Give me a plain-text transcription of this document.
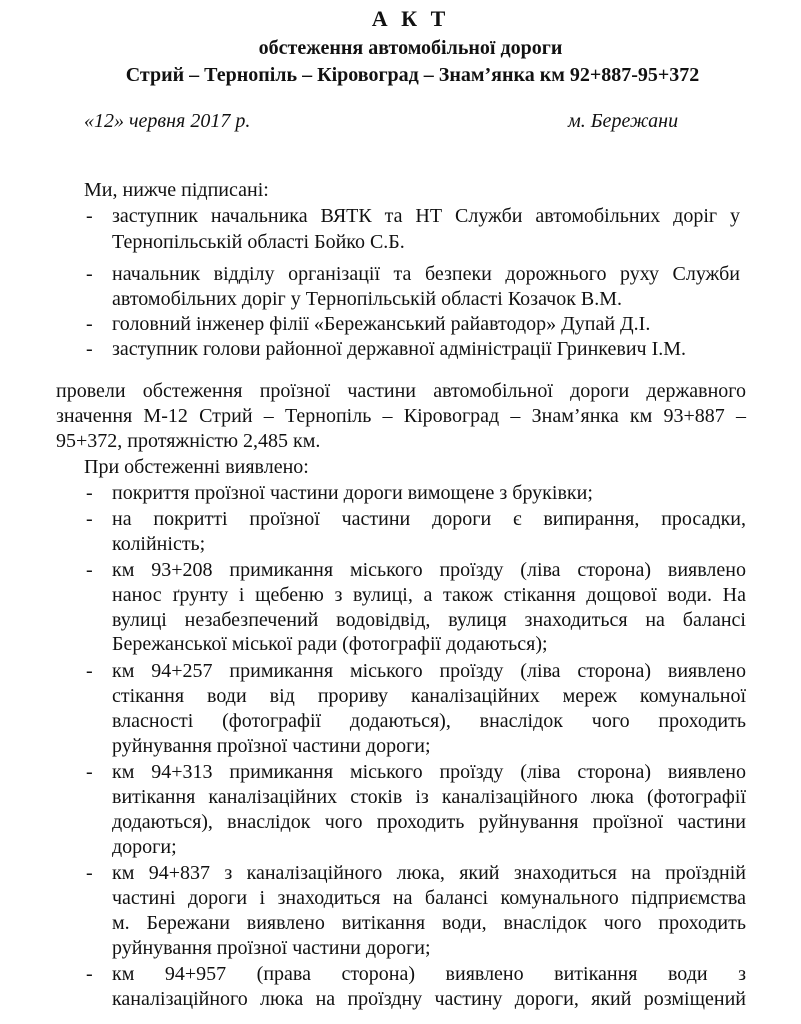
А К Т
обстеження автомобільної дороги
Стрий – Тернопіль – Кіровоград – Знам’янка км 92+887-95+372
«12» червня 2017 р.	м. Бережани
Ми, нижче підписані:
- заступник начальника ВЯТК та НТ Служби автомобільних доріг у
Тернопільській області Бойко С.Б.
- начальник відділу організації та безпеки дорожнього руху Служби
автомобільних доріг у Тернопільській області Козачок В.М.
- головний інженер філії «Бережанський райавтодор» Дупай Д.І.
- заступник голови районної державної адміністрації Гринкевич І.М.
провели обстеження проїзної частини автомобільної дороги державного
значення М-12 Стрий – Тернопіль – Кіровоград – Знам’янка км 93+887 –
95+372, протяжністю 2,485 км.
При обстеженні виявлено:
- покриття проїзної частини дороги вимощене з бруківки;
- на покритті проїзної частини дороги є випирання, просадки,
колійність;
- км 93+208 примикання міського проїзду (ліва сторона) виявлено
нанос ґрунту і щебеню з вулиці, а також стікання дощової води. На
вулиці незабезпечений водовідвід, вулиця знаходиться на балансі
Бережанської міської ради (фотографії додаються);
- км 94+257 примикання міського проїзду (ліва сторона) виявлено
стікання води від прориву каналізаційних мереж комунальної
власності (фотографії додаються), внаслідок чого проходить
руйнування проїзної частини дороги;
- км 94+313 примикання міського проїзду (ліва сторона) виявлено
витікання каналізаційних стоків із каналізаційного люка (фотографії
додаються), внаслідок чого проходить руйнування проїзної частини
дороги;
- км 94+837 з каналізаційного люка, який знаходиться на проїздній
частині дороги і знаходиться на балансі комунального підприємства
м. Бережани виявлено витікання води, внаслідок чого проходить
руйнування проїзної частини дороги;
- км 94+957 (права сторона) виявлено витікання води з
каналізаційного люка на проїздну частину дороги, який розміщений
